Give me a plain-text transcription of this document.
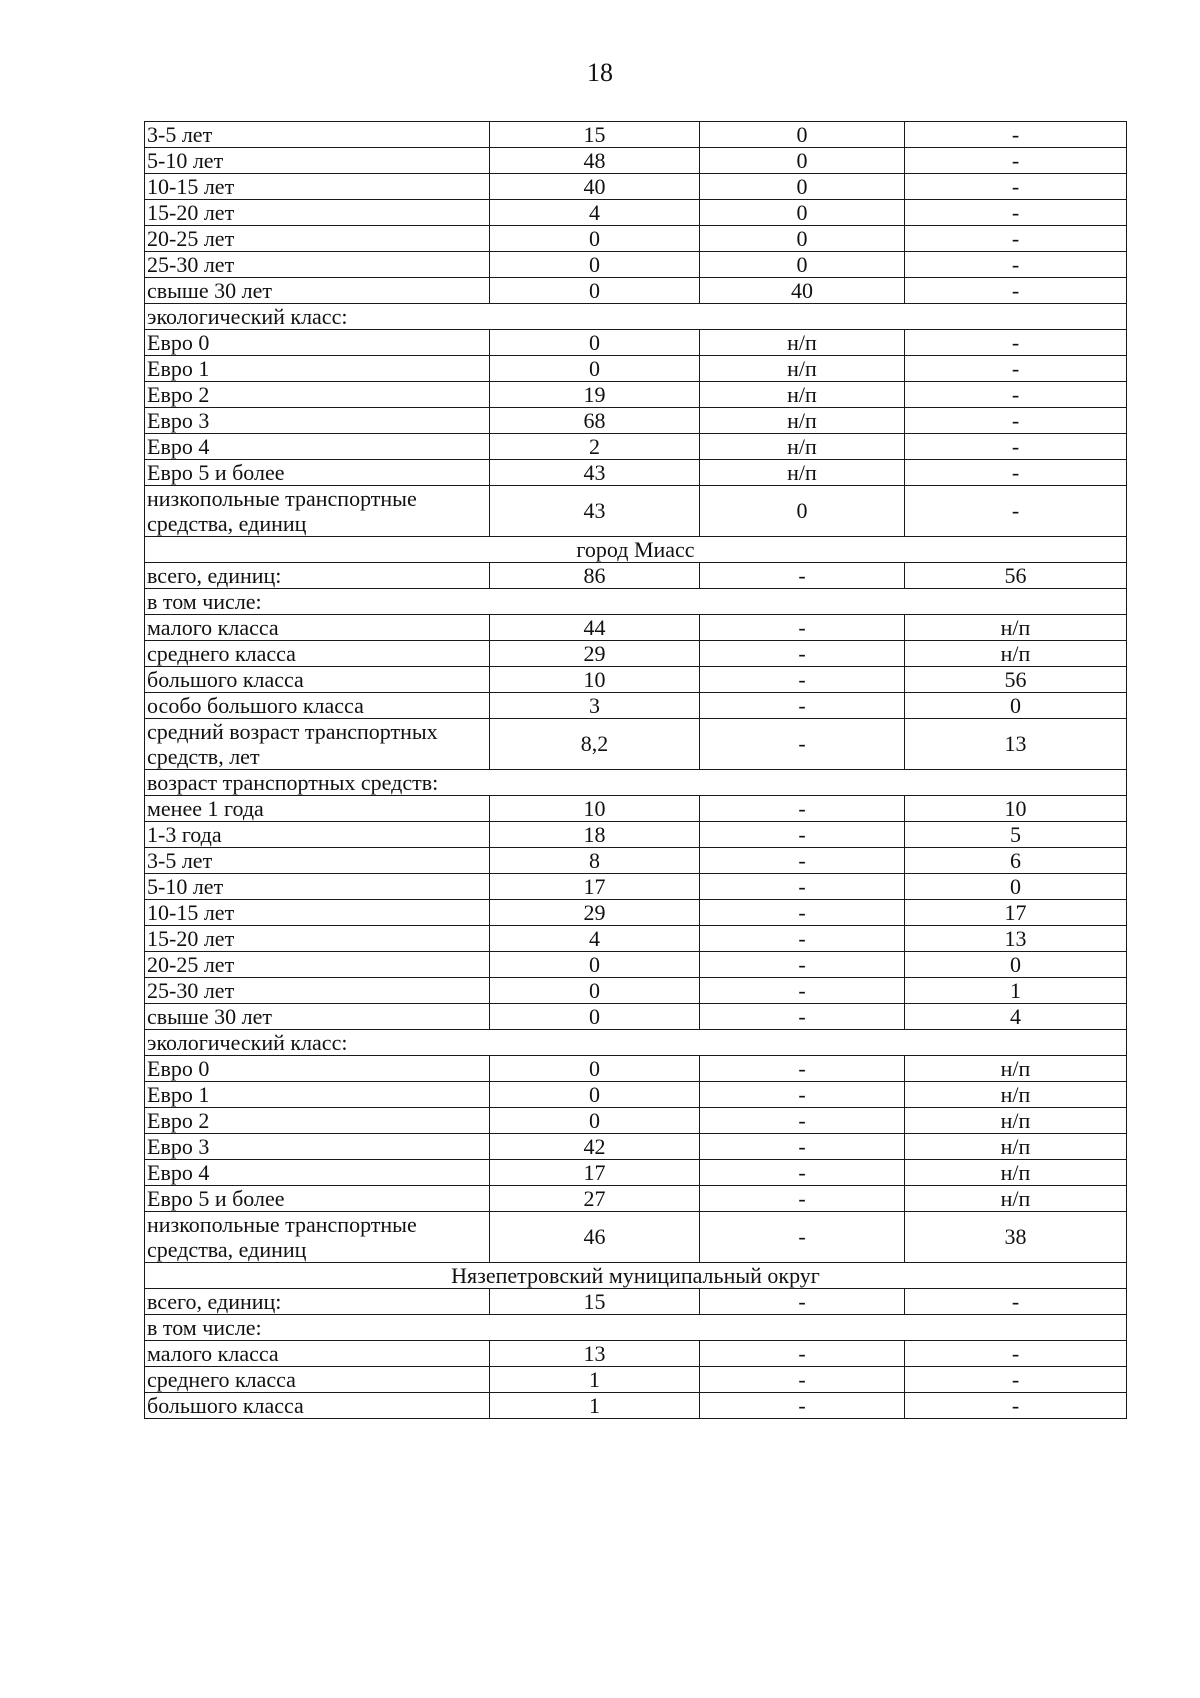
18
3-5 лет	15	0	-
5-10 лет	48	0	-
10-15 лет	40	0	-
15-20 лет	4	0	-
20-25 лет	0	0	-
25-30 лет	0	0	-
свыше 30 лет	0	40	-
экологический класс:			
Евро 0	0	н/п	-
Евро 1	0	н/п	-
Евро 2	19	н/п	-
Евро 3	68	н/п	-
Евро 4	2	н/п	-
Евро 5 и более	43	н/п	-
низкопольные транспортные средства, единиц	43	0	-
город Миасс			
всего, единиц:	86	-	56
в том числе:			
малого класса	44	-	н/п
среднего класса	29	-	н/п
большого класса	10	-	56
особо большого класса	3	-	0
средний возраст транспортных средств, лет	8,2	-	13
возраст транспортных средств:			
менее 1 года	10	-	10
1-3 года	18	-	5
3-5 лет	8	-	6
5-10 лет	17	-	0
10-15 лет	29	-	17
15-20 лет	4	-	13
20-25 лет	0	-	0
25-30 лет	0	-	1
свыше 30 лет	0	-	4
экологический класс:			
Евро 0	0	-	н/п
Евро 1	0	-	н/п
Евро 2	0	-	н/п
Евро 3	42	-	н/п
Евро 4	17	-	н/п
Евро 5 и более	27	-	н/п
низкопольные транспортные средства, единиц	46	-	38
Нязепетровский муниципальный округ			
всего, единиц:	15	-	-
в том числе:			
малого класса	13	-	-
среднего класса	1	-	-
большого класса	1	-	-
